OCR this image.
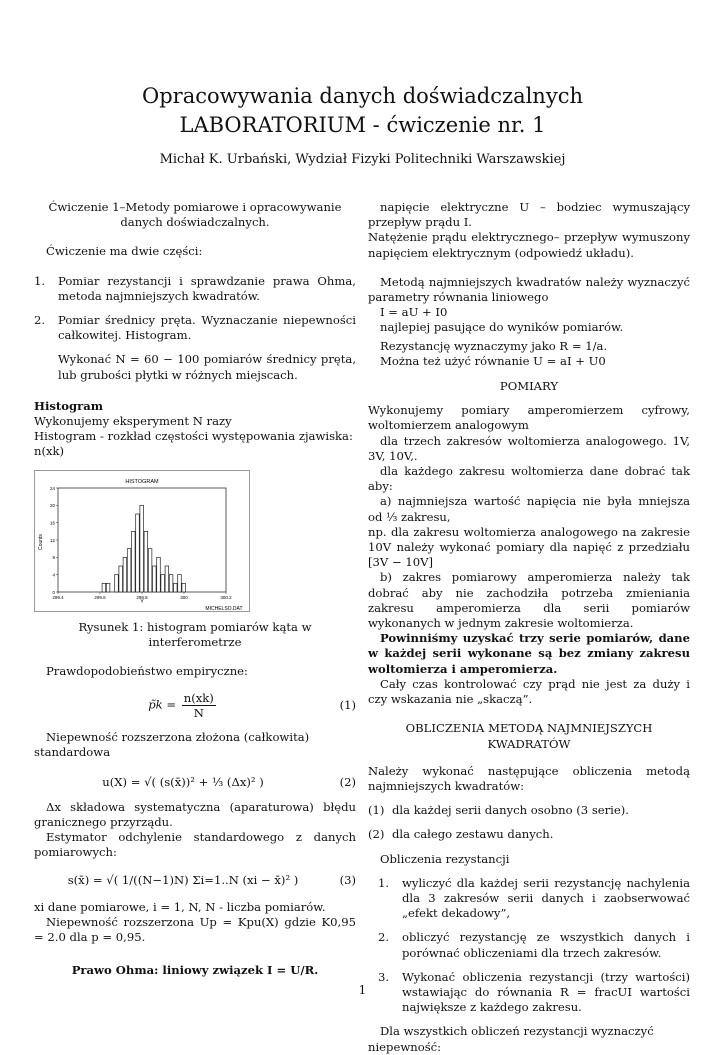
Opracowywania danych doświadczalnych
LABORATORIUM - ćwiczenie nr. 1
Michał K. Urbański, Wydział Fizyki Politechniki Warszawskiej

Ćwiczenie 1–Metody pomiarowe i opracowywanie danych doświadczalnych.

Ćwiczenie ma dwie części:

1.	Pomiar rezystancji i sprawdzanie prawa Ohma, metoda najmniejszych kwadratów.
2.	Pomiar średnicy pręta. Wyznaczanie niepewności całkowitej. Histogram.

Wykonać N = 60 − 100 pomiarów średnicy pręta, lub grubości płytki w różnych miejscach.

Histogram

Wykonujemy eksperyment N razy

Histogram - rozkład częstości występowania zjawiska: n(xk)

HISTOGRAM
Counts
Y
MICHELSO.DAT
0
4
8
12
16
20
24
299.4	299.6	299.8	300	300.2

Rysunek 1: histogram pomiarów kąta w interferometrze

Prawdopodobieństwo empiryczne:

p̃k = $\frac{n(xk)}{N}$	(1)

Niepewność rozszerzona złożona (całkowita) standardowa

u(X) = √( (s(x̄))² + ⅓ (Δx)² )	(2)

Δx składowa systematyczna (aparaturowa) błędu granicznego przyrządu.

Estymator odchylenie standardowego z danych pomiarowych:

s(x̄) = √( 1/((N−1)N) Σi=1..N (xi − x̄)² )	(3)

xi dane pomiarowe, i = 1, N, N - liczba pomiarów.

Niepewność rozszerzona Up = Kpu(X) gdzie K0,95 = 2.0 dla p = 0,95.

Prawo Ohma: liniowy związek I = U/R.

napięcie elektryczne U – bodziec wymuszający przepływ prądu I.

Natężenie prądu elektrycznego– przepływ wymuszony napięciem elektrycznym (odpowiedź układu).

Metodą najmniejszych kwadratów należy wyznaczyć parametry równania liniowego

I = aU + I0

najlepiej pasujące do wyników pomiarów.

Rezystancję wyznaczymy jako R = 1/a.

Można też użyć równanie U = aI + U0

POMIARY

Wykonujemy pomiary amperomierzem cyfrowy, woltomierzem analogowym

dla trzech zakresów woltomierza analogowego. 1V, 3V, 10V,.

dla każdego zakresu woltomierza dane dobrać tak aby:

a) najmniejsza wartość napięcia nie była mniejsza od ⅓ zakresu,

np. dla zakresu woltomierza analogowego na zakresie 10V należy wykonać pomiary dla napięć z przedziału [3V − 10V]

b) zakres pomiarowy amperomierza należy tak dobrać aby nie zachodziła potrzeba zmieniania zakresu amperomierza dla serii pomiarów wykonanych w jednym zakresie woltomierza.

Powinniśmy uzyskać trzy serie pomiarów, dane w każdej serii wykonane są bez zmiany zakresu woltomierza i amperomierza.

Cały czas kontrolować czy prąd nie jest za duży i czy wskazania nie „skaczą”.

OBLICZENIA METODĄ NAJMNIEJSZYCH KWADRATÓW

Należy wykonać następujące obliczenia metodą najmniejszych kwadratów:

(1) dla każdej serii danych osobno (3 serie).
(2) dla całego zestawu danych.

Obliczenia rezystancji

1.	wyliczyć dla każdej serii rezystancję nachylenia dla 3 zakresów serii danych i zaobserwować „efekt dekadowy”,
2.	obliczyć rezystancję ze wszystkich danych i porównać obliczeniami dla trzech zakresów.
3.	Wykonać obliczenia rezystancji (trzy wartości) wstawiając do równania R = fracUI wartości największe z każdego zakresu.

Dla wszystkich obliczeń rezystancji wyznaczyć niepewność:

1
